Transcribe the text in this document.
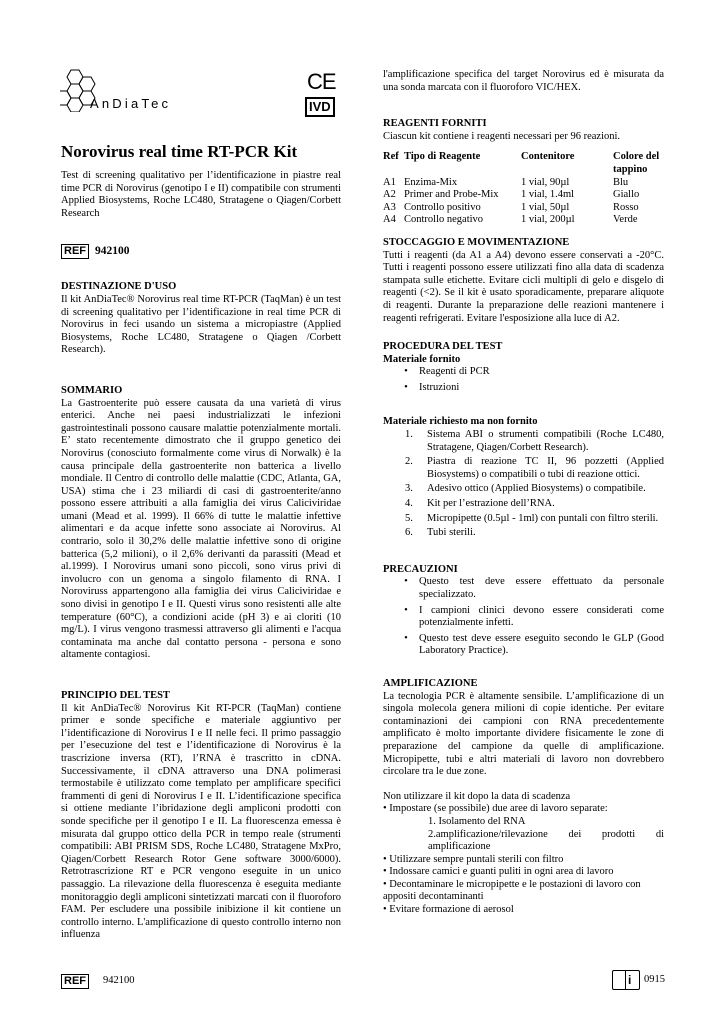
AnDiaTec
CE
IVD
Norovirus real time RT-PCR Kit
Test di screening qualitativo per l’identificazione in piastre real time PCR di Norovirus (genotipo I e II) compatibile con strumenti Applied Biosystems, Roche LC480, Stratagene o Qiagen/Corbett Research
REF 942100
DESTINAZIONE D'USO
Il kit AnDiaTec® Norovirus real time RT-PCR (TaqMan) è un test di screening qualitativo per l’identificazione in real time PCR di Norovirus in feci usando un sistema a micropiastre (Applied Biosystems, Roche LC480, Stratagene o Qiagen /Corbett Research).
SOMMARIO
La Gastroenterite può essere causata da una varietà di virus enterici. Anche nei paesi industrializzati le infezioni gastrointestinali possono causare malattie potenzialmente mortali. E’ stato recentemente dimostrato che il gruppo genetico dei Norovirus (conosciuto formalmente come virus di Norwalk) è la causa principale della gastroenterite non batterica a livello mondiale. Il Centro di controllo delle malattie (CDC, Atlanta, GA, USA) stima che i 23 miliardi di casi di gastroenterite/anno possono essere attribuiti a alla famiglia dei virus Caliciviridae umani (Mead et al. 1999). Il 66% di tutte le malattie infettive alimentari e da acque infette sono associate ai Norovirus. Al contrario, solo il 30,2% delle malattie infettive sono di origine batterica (5,2 milioni), o il 2,6% derivanti da parassiti (Mead et al.1999). I Norovirus umani sono piccoli, sono virus privi di involucro con un genoma a singolo filamento di RNA. I Noroviruss appartengono alla famiglia dei virus Caliciviridae e sono divisi in genotipo I e II. Questi virus sono resistenti alle alte temperature (60°C), a condizioni acide (pH 3) e ai cloriti (10 mg/L). I virus vengono trasmessi attraverso gli alimenti e l'acqua contaminata ma anche dal contatto persona - persona e sono altamente contagiosi.
PRINCIPIO DEL TEST
Il kit AnDiaTec® Norovirus Kit RT-PCR (TaqMan) contiene primer e sonde specifiche e materiale aggiuntivo per l’identificazione di Norovirus I e II nelle feci. Il primo passaggio per l’esecuzione del test e l’identificazione di Norovirus è la trascrizione inversa (RT), l’RNA è trascritto in cDNA. Successivamente, il cDNA attraverso una DNA polimerasi termostabile è utilizzato come templato per amplificare specifici frammenti di geni di Norovirus I e II. L’identificazione specifica si ottiene mediante l’ibridazione degli ampliconi prodotti con sonde specifiche per il genotipo I e II. La fluorescenza emessa è misurata dal gruppo ottico della PCR in tempo reale (strumenti compatibili: ABI PRISM SDS, Roche LC480, Stratagene MxPro, Qiagen/Corbett Research Rotor Gene software 3000/6000). Retrotrascrizione RT e PCR vengono eseguite in un unico passaggio. La rilevazione della fluorescenza è eseguita mediante monitoraggio degli ampliconi sintetizzati marcati con il fluoroforo FAM. Per escludere una possibile inibizione il kit contiene un controllo interno. L'amplificazione di questo controllo interno non influenza
l'amplificazione specifica del target Norovirus ed è misurata da una sonda marcata con il fluoroforo VIC/HEX.
REAGENTI FORNITI
Ciascun kit contiene i reagenti necessari per 96 reazioni.
Ref	Tipo di Reagente	Contenitore	Colore del tappino
A1	Enzima-Mix	1 vial, 90µl	Blu
A2	Primer and Probe-Mix	1 vial, 1.4ml	Giallo
A3	Controllo positivo	1 vial, 50µl	Rosso
A4	Controllo negativo	1 vial, 200µl	Verde
STOCCAGGIO E MOVIMENTAZIONE
Tutti i reagenti (da A1 a A4) devono essere conservati a -20°C. Tutti i reagenti possono essere utilizzati fino alla data di scadenza stampata sulle etichette. Evitare cicli multipli di gelo e disgelo di reagenti (<2). Se il kit è usato sporadicamente, preparare aliquote di reagenti. Durante la preparazione delle reazioni mantenere i reagenti refrigerati. Evitare l'esposizione alla luce di A2.
PROCEDURA DEL TEST
Materiale fornito
•	Reagenti di PCR
•	Istruzioni
Materiale richiesto ma non fornito
1.	Sistema ABI o strumenti compatibili (Roche LC480, Stratagene, Qiagen/Corbett Research).
2.	Piastra di reazione TC II, 96 pozzetti (Applied Biosystems) o compatibili o tubi di reazione ottici.
3.	Adesivo ottico (Applied Biosystems) o compatibile.
4.	Kit per l’estrazione dell’RNA.
5.	Micropipette (0.5µl - 1ml) con puntali con filtro sterili.
6.	Tubi sterili.
PRECAUZIONI
•	Questo test deve essere effettuato da personale specializzato.
•	I campioni clinici devono essere considerati come potenzialmente infetti.
•	Questo test deve essere eseguito secondo le GLP (Good Laboratory Practice).
AMPLIFICAZIONE
La tecnologia PCR è altamente sensibile. L’amplificazione di un singola molecola genera milioni di copie identiche. Per evitare contaminazioni dei campioni con RNA precedentemente amplificato è molto importante dividere fisicamente le zone di preparazione del campione da quelle di amplificazione. Micropipette, tubi e altri materiali di lavoro non dovrebbero circolare tra le due zone.
Non utilizzare il kit dopo la data di scadenza
• Impostare (se possibile) due aree di lavoro separate:
1. Isolamento del RNA
2.amplificazione/rilevazione dei prodotti di amplificazione
• Utilizzare sempre puntali sterili con filtro
• Indossare camici e guanti puliti in ogni area di lavoro
• Decontaminare le micropipette e le postazioni di lavoro con appositi decontaminanti
• Evitare formazione di aerosol
REF 942100	i 0915
